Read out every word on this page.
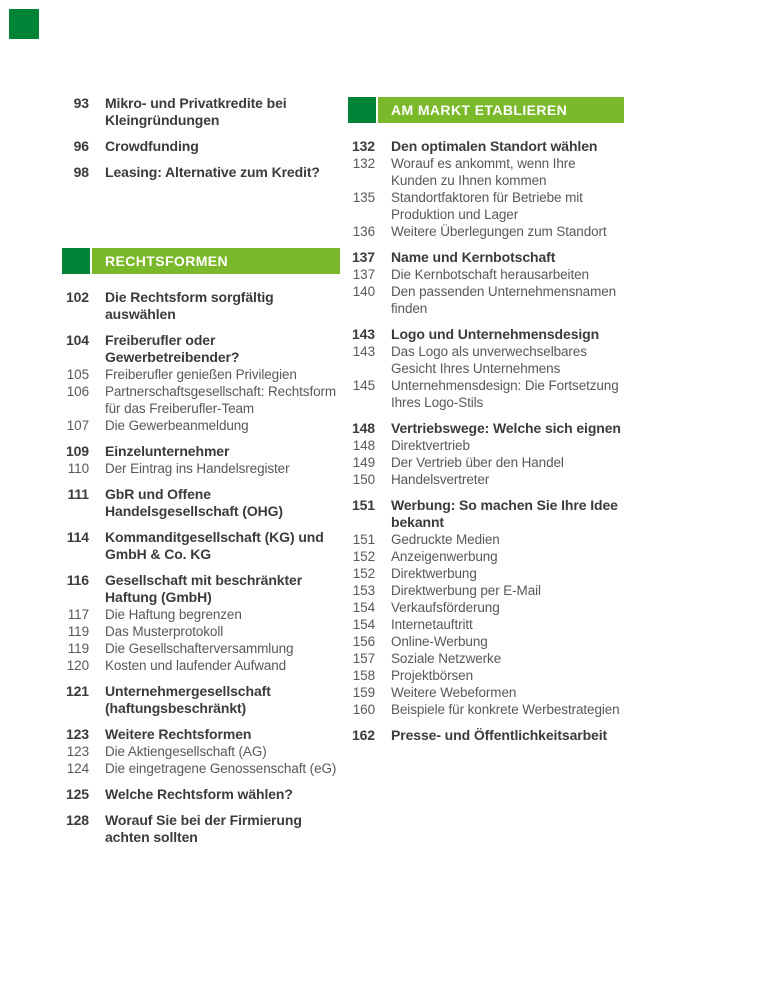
93 Mikro- und Privatkredite bei Kleingründungen
96 Crowdfunding
98 Leasing: Alternative zum Kredit?
RECHTSFORMEN
102 Die Rechtsform sorgfältig auswählen
104 Freiberufler oder Gewerbetreibender?
105 Freiberufler genießen Privilegien
106 Partnerschaftsgesellschaft: Rechtsform für das Freiberufler-Team
107 Die Gewerbeanmeldung
109 Einzelunternehmer
110 Der Eintrag ins Handelsregister
111 GbR und Offene Handelsgesellschaft (OHG)
114 Kommanditgesellschaft (KG) und GmbH & Co. KG
116 Gesellschaft mit beschränkter Haftung (GmbH)
117 Die Haftung begrenzen
119 Das Musterprotokoll
119 Die Gesellschafterversammlung
120 Kosten und laufender Aufwand
121 Unternehmergesellschaft (haftungsbeschränkt)
123 Weitere Rechtsformen
123 Die Aktiengesellschaft (AG)
124 Die eingetragene Genossenschaft (eG)
125 Welche Rechtsform wählen?
128 Worauf Sie bei der Firmierung achten sollten
AM MARKT ETABLIEREN
132 Den optimalen Standort wählen
132 Worauf es ankommt, wenn Ihre Kunden zu Ihnen kommen
135 Standortfaktoren für Betriebe mit Produktion und Lager
136 Weitere Überlegungen zum Standort
137 Name und Kernbotschaft
137 Die Kernbotschaft herausarbeiten
140 Den passenden Unternehmensnamen finden
143 Logo und Unternehmensdesign
143 Das Logo als unverwechselbares Gesicht Ihres Unternehmens
145 Unternehmensdesign: Die Fortsetzung Ihres Logo-Stils
148 Vertriebswege: Welche sich eignen
148 Direktvertrieb
149 Der Vertrieb über den Handel
150 Handelsvertreter
151 Werbung: So machen Sie Ihre Idee bekannt
151 Gedruckte Medien
152 Anzeigenwerbung
152 Direktwerbung
153 Direktwerbung per E-Mail
154 Verkaufsförderung
154 Internetauftritt
156 Online-Werbung
157 Soziale Netzwerke
158 Projektbörsen
159 Weitere Webeformen
160 Beispiele für konkrete Werbestrategien
162 Presse- und Öffentlichkeitsarbeit
